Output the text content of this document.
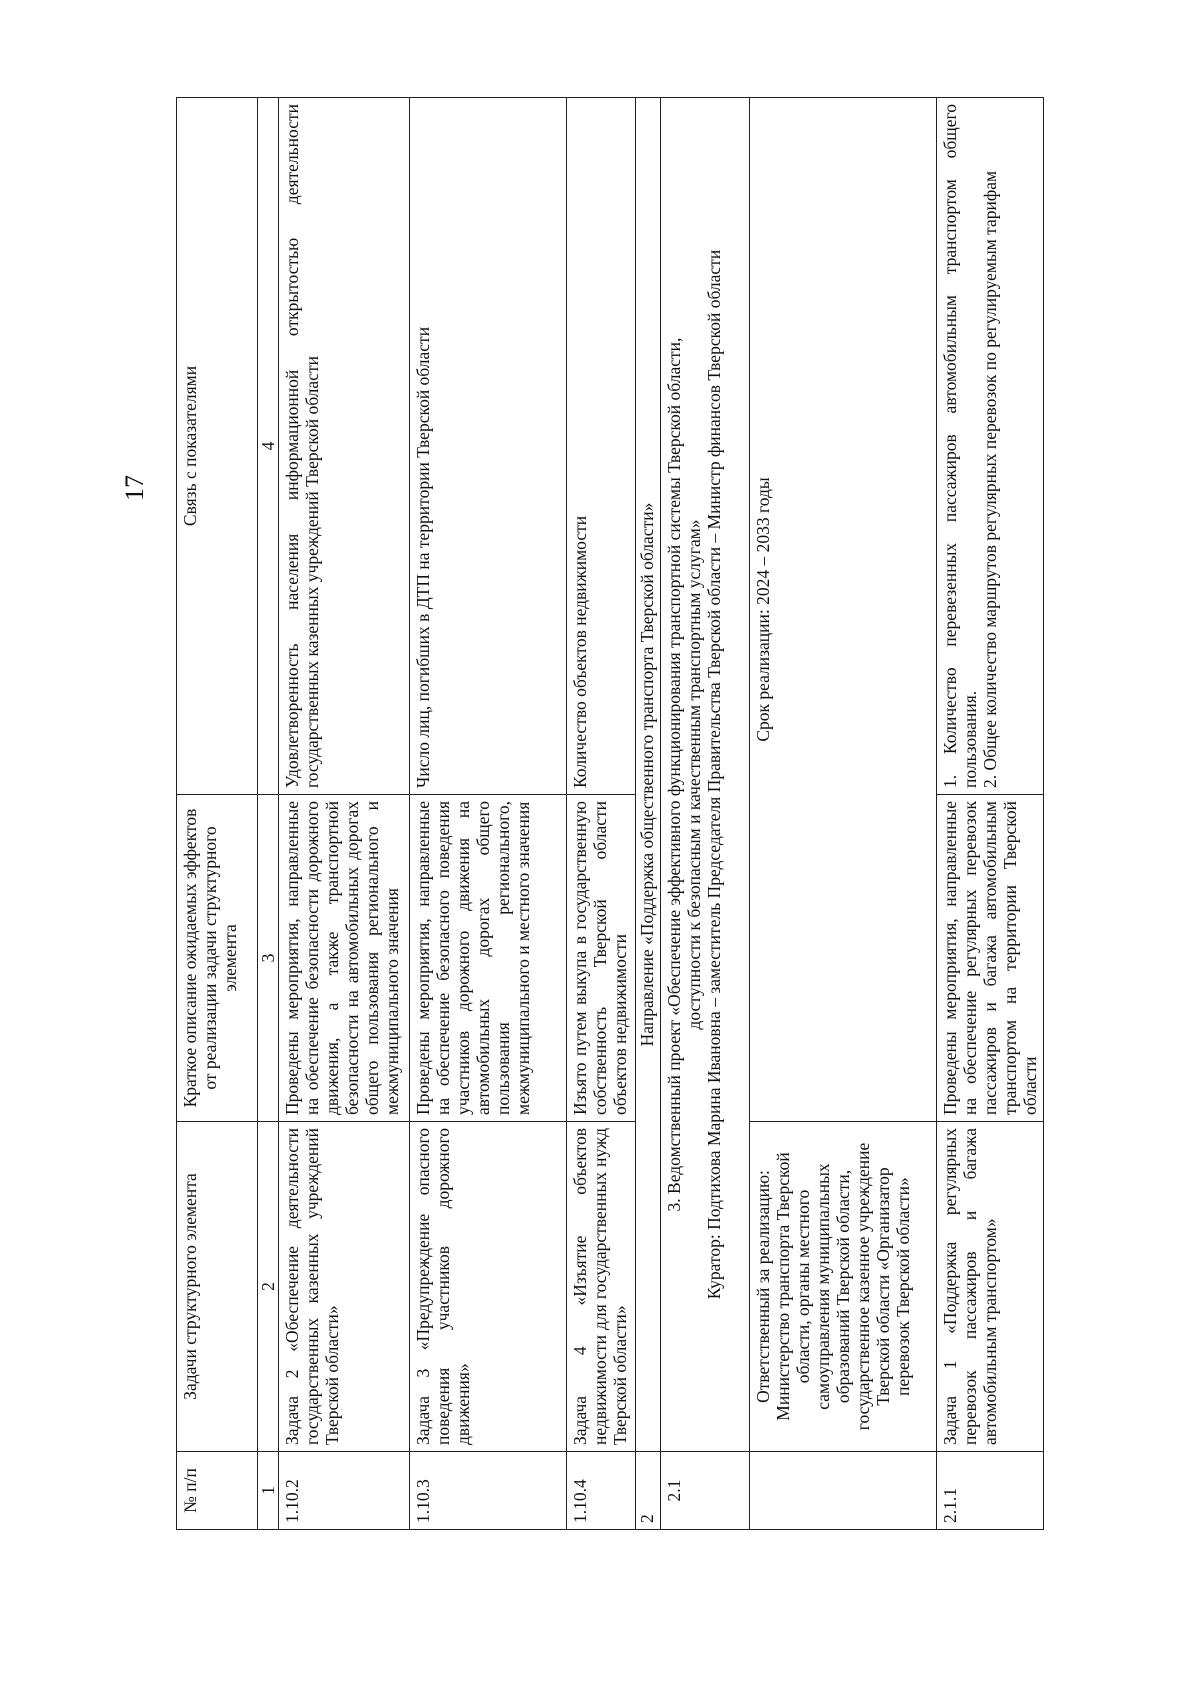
17
№ п/п	Задачи структурного элемента	Краткое описание ожидаемых эффектов от реализации задачи структурного элемента	Связь с показателями
1	2	3	4
1.10.2	Задача 2 «Обеспечение деятельности государственных казенных учреждений Тверской области»	Проведены мероприятия, направленные на обеспечение безопасности дорожного движения, а также транспортной безопасности на автомобильных дорогах общего пользования регионального и межмуниципального значения	Удовлетворенность населения информационной открытостью деятельности государственных казенных учреждений Тверской области
1.10.3	Задача 3 «Предупреждение опасного поведения участников дорожного движения»	Проведены мероприятия, направленные на обеспечение безопасного поведения участников дорожного движения на автомобильных дорогах общего пользования регионального, межмуниципального и местного значения	Число лиц, погибших в ДТП на территории Тверской области
1.10.4	Задача 4 «Изъятие объектов недвижимости для государственных нужд Тверской области»	Изъято путем выкупа в государственную собственность Тверской области объектов недвижимости	Количество объектов недвижимости
2	Направление «Поддержка общественного транспорта Тверской области»		
2.1	3. Ведомственный проект «Обеспечение эффективного функционирования транспортной системы Тверской области, доступности к безопасным и качественным транспортным услугам» Куратор: Подтихова Марина Ивановна – заместитель Председателя Правительства Тверской области – Министр финансов Тверской области		

	Ответственный за реализацию: Министерство транспорта Тверской области, органы местного самоуправления муниципальных образований Тверской области, государственное казенное учреждение Тверской области «Организатор перевозок Тверской области»	Срок реализации: 2024 – 2033 годы	
2.1.1	Задача 1 «Поддержка регулярных перевозок пассажиров и багажа автомобильным транспортом»	Проведены мероприятия, направленные на обеспечение регулярных перевозок пассажиров и багажа автомобильным транспортом на территории Тверской области	1. Количество перевезенных пассажиров автомобильным транспортом общего пользования. 2. Общее количество маршрутов регулярных перевозок по регулируемым тарифам
